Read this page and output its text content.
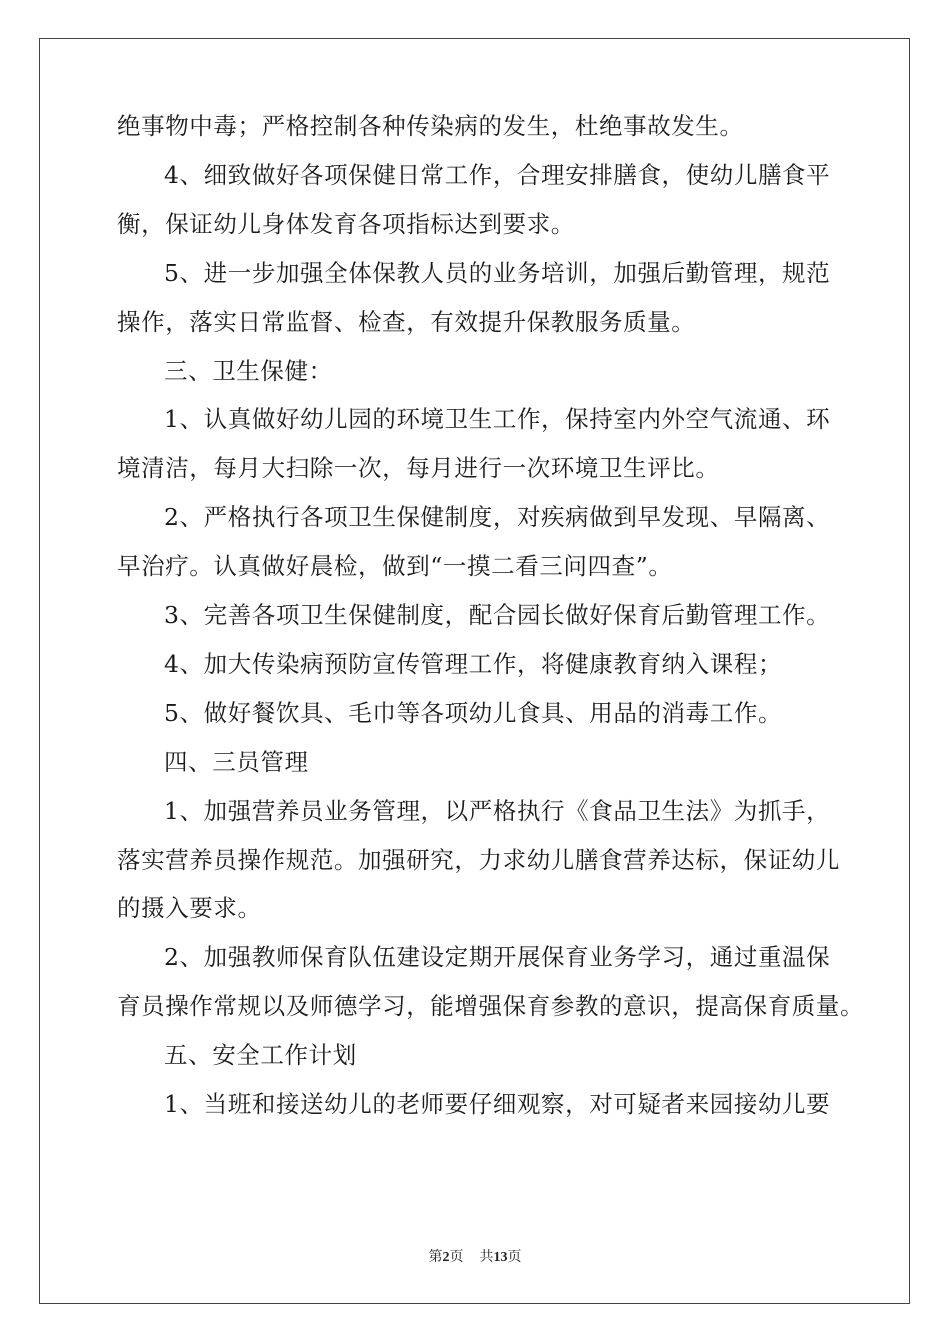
绝事物中毒；严格控制各种传染病的发生，杜绝事故发生。
4、细致做好各项保健日常工作，合理安排膳食，使幼儿膳食平
衡，保证幼儿身体发育各项指标达到要求。
5、进一步加强全体保教人员的业务培训，加强后勤管理，规范
操作，落实日常监督、检查，有效提升保教服务质量。
三、卫生保健：
1、认真做好幼儿园的环境卫生工作，保持室内外空气流通、环
境清洁，每月大扫除一次，每月进行一次环境卫生评比。
2、严格执行各项卫生保健制度，对疾病做到早发现、早隔离、
早治疗。认真做好晨检，做到“一摸二看三问四查”。
3、完善各项卫生保健制度，配合园长做好保育后勤管理工作。
4、加大传染病预防宣传管理工作，将健康教育纳入课程；
5、做好餐饮具、毛巾等各项幼儿食具、用品的消毒工作。
四、三员管理
1、加强营养员业务管理，以严格执行《食品卫生法》为抓手，
落实营养员操作规范。加强研究，力求幼儿膳食营养达标，保证幼儿
的摄入要求。
2、加强教师保育队伍建设定期开展保育业务学习，通过重温保
育员操作常规以及师德学习，能增强保育参教的意识，提高保育质量。
五、安全工作计划
1、当班和接送幼儿的老师要仔细观察，对可疑者来园接幼儿要
第2页 共13页
